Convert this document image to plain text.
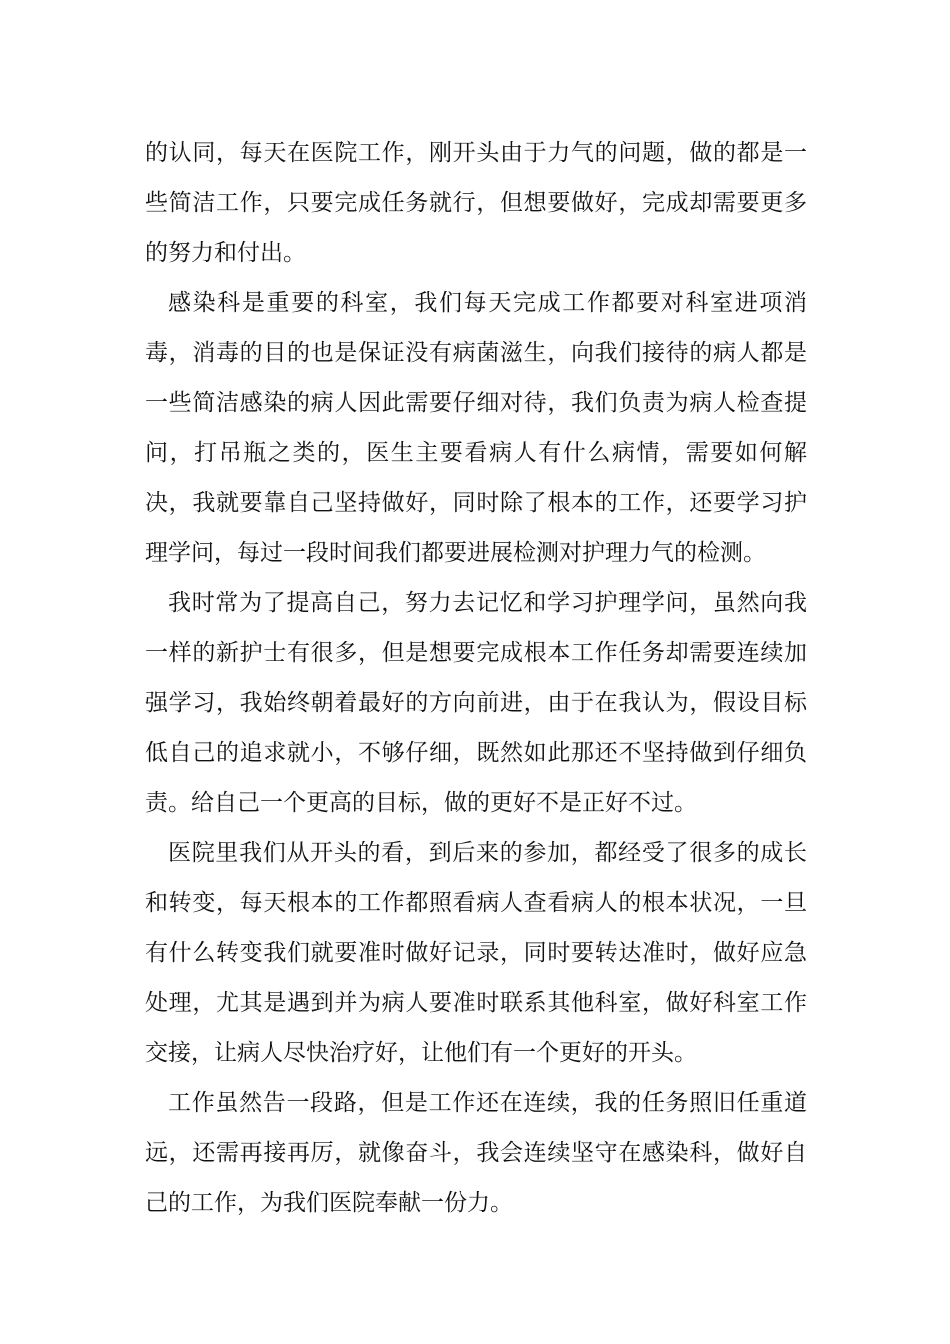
的认同，每天在医院工作，刚开头由于力气的问题，做的都是一些简洁工作，只要完成任务就行，但想要做好，完成却需要更多的努力和付出。

感染科是重要的科室，我们每天完成工作都要对科室进项消毒，消毒的目的也是保证没有病菌滋生，向我们接待的病人都是一些简洁感染的病人因此需要仔细对待，我们负责为病人检查提问，打吊瓶之类的，医生主要看病人有什么病情，需要如何解决，我就要靠自己坚持做好，同时除了根本的工作，还要学习护理学问，每过一段时间我们都要进展检测对护理力气的检测。

我时常为了提高自己，努力去记忆和学习护理学问，虽然向我一样的新护士有很多，但是想要完成根本工作任务却需要连续加强学习，我始终朝着最好的方向前进，由于在我认为，假设目标低自己的追求就小，不够仔细，既然如此那还不坚持做到仔细负责。给自己一个更高的目标，做的更好不是正好不过。

医院里我们从开头的看，到后来的参加，都经受了很多的成长和转变，每天根本的工作都照看病人查看病人的根本状况，一旦有什么转变我们就要准时做好记录，同时要转达准时，做好应急处理，尤其是遇到并为病人要准时联系其他科室，做好科室工作交接，让病人尽快治疗好，让他们有一个更好的开头。

工作虽然告一段路，但是工作还在连续，我的任务照旧任重道远，还需再接再厉，就像奋斗，我会连续坚守在感染科，做好自己的工作，为我们医院奉献一份力。
